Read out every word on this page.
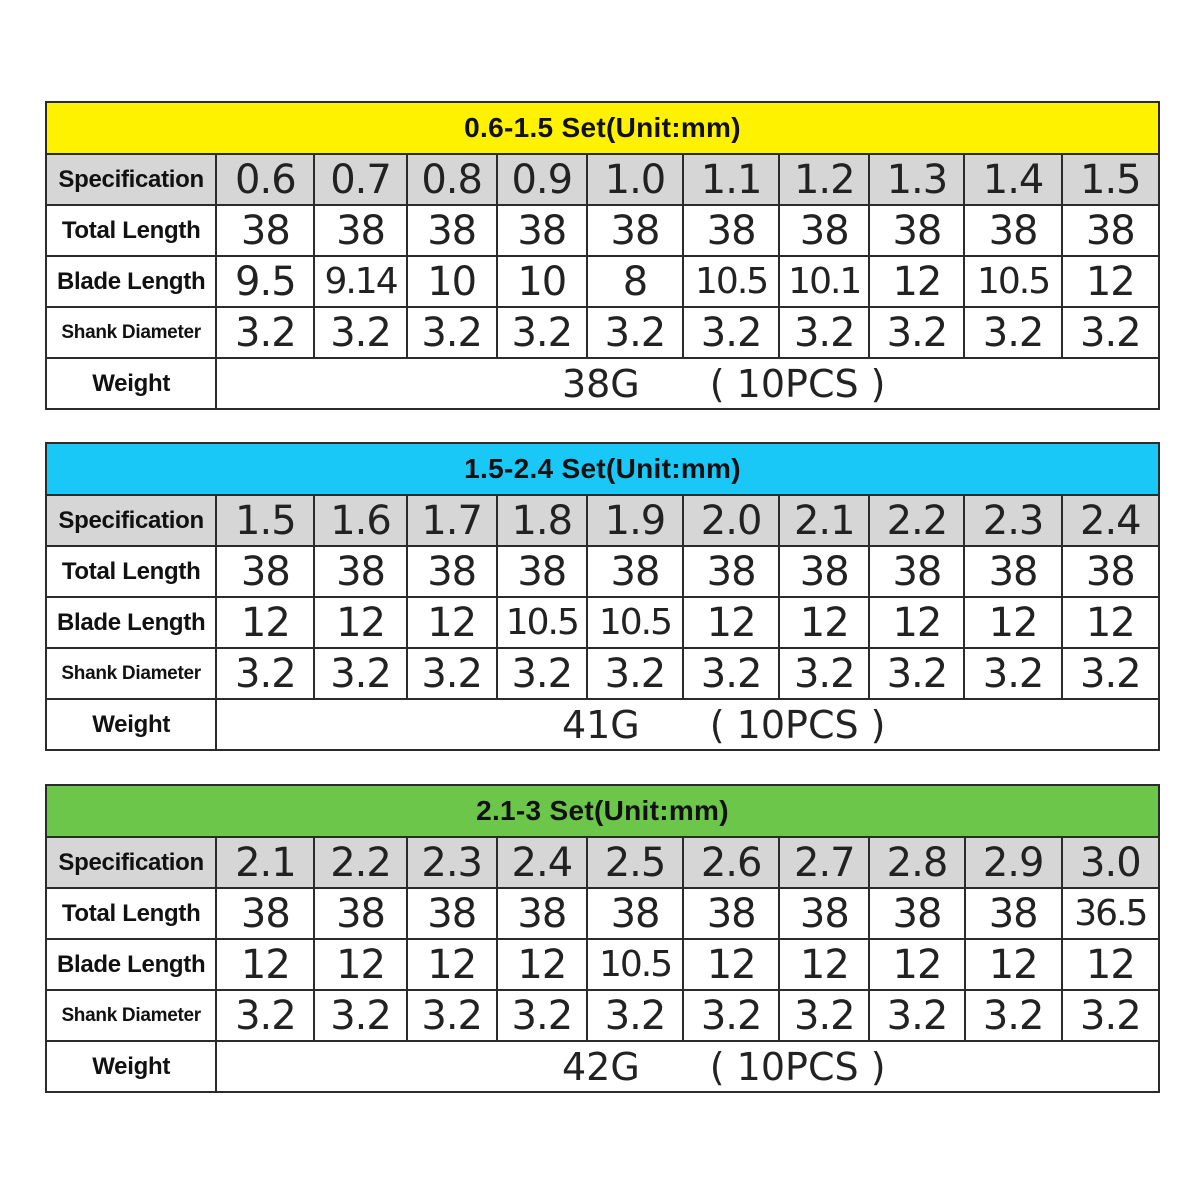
0.6-1.5 Set(Unit:mm)										
Specification	0.6	0.7	0.8	0.9	1.0	1.1	1.2	1.3	1.4	1.5
Total Length	38	38	38	38	38	38	38	38	38	38
Blade Length	9.5	9.14	10	10	8	10.5	10.1	12	10.5	12
Shank Diameter	3.2	3.2	3.2	3.2	3.2	3.2	3.2	3.2	3.2	3.2
Weight	38G ( 10PCS )									
1.5-2.4 Set(Unit:mm)										
Specification	1.5	1.6	1.7	1.8	1.9	2.0	2.1	2.2	2.3	2.4
Total Length	38	38	38	38	38	38	38	38	38	38
Blade Length	12	12	12	10.5	10.5	12	12	12	12	12
Shank Diameter	3.2	3.2	3.2	3.2	3.2	3.2	3.2	3.2	3.2	3.2
Weight	41G ( 10PCS )									
2.1-3 Set(Unit:mm)										
Specification	2.1	2.2	2.3	2.4	2.5	2.6	2.7	2.8	2.9	3.0
Total Length	38	38	38	38	38	38	38	38	38	36.5
Blade Length	12	12	12	12	10.5	12	12	12	12	12
Shank Diameter	3.2	3.2	3.2	3.2	3.2	3.2	3.2	3.2	3.2	3.2
Weight	42G ( 10PCS )									
